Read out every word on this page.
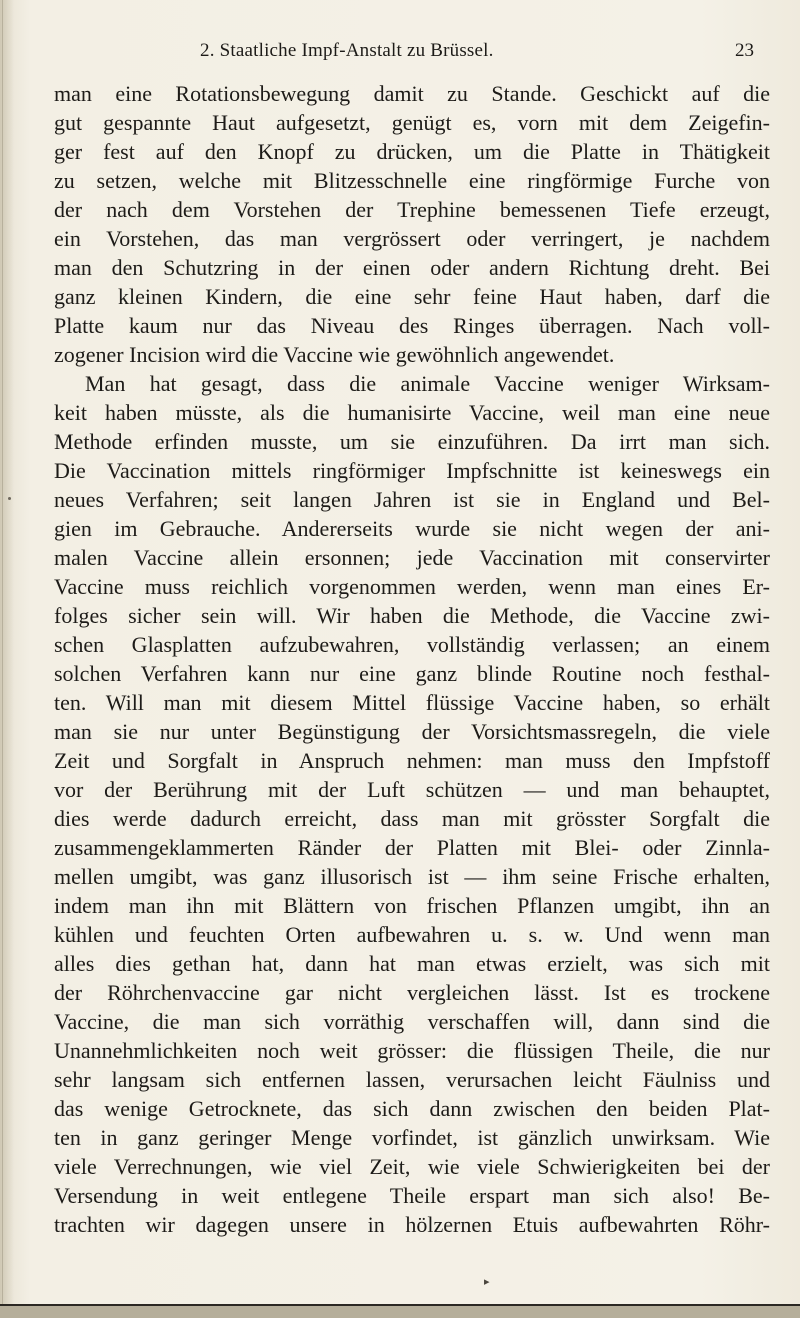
2. Staatliche Impf-Anstalt zu Brüssel.	23
man eine Rotationsbewegung damit zu Stande. Geschickt auf die
gut gespannte Haut aufgesetzt, genügt es, vorn mit dem Zeigefin-
ger fest auf den Knopf zu drücken, um die Platte in Thätigkeit
zu setzen, welche mit Blitzesschnelle eine ringförmige Furche von
der nach dem Vorstehen der Trephine bemessenen Tiefe erzeugt,
ein Vorstehen, das man vergrössert oder verringert, je nachdem
man den Schutzring in der einen oder andern Richtung dreht. Bei
ganz kleinen Kindern, die eine sehr feine Haut haben, darf die
Platte kaum nur das Niveau des Ringes überragen. Nach voll-
zogener Incision wird die Vaccine wie gewöhnlich angewendet.
Man hat gesagt, dass die animale Vaccine weniger Wirksam-
keit haben müsste, als die humanisirte Vaccine, weil man eine neue
Methode erfinden musste, um sie einzuführen. Da irrt man sich.
Die Vaccination mittels ringförmiger Impfschnitte ist keineswegs ein
neues Verfahren; seit langen Jahren ist sie in England und Bel-
gien im Gebrauche. Andererseits wurde sie nicht wegen der ani-
malen Vaccine allein ersonnen; jede Vaccination mit conservirter
Vaccine muss reichlich vorgenommen werden, wenn man eines Er-
folges sicher sein will. Wir haben die Methode, die Vaccine zwi-
schen Glasplatten aufzubewahren, vollständig verlassen; an einem
solchen Verfahren kann nur eine ganz blinde Routine noch festhal-
ten. Will man mit diesem Mittel flüssige Vaccine haben, so erhält
man sie nur unter Begünstigung der Vorsichtsmassregeln, die viele
Zeit und Sorgfalt in Anspruch nehmen: man muss den Impfstoff
vor der Berührung mit der Luft schützen — und man behauptet,
dies werde dadurch erreicht, dass man mit grösster Sorgfalt die
zusammengeklammerten Ränder der Platten mit Blei- oder Zinnla-
mellen umgibt, was ganz illusorisch ist — ihm seine Frische erhalten,
indem man ihn mit Blättern von frischen Pflanzen umgibt, ihn an
kühlen und feuchten Orten aufbewahren u. s. w. Und wenn man
alles dies gethan hat, dann hat man etwas erzielt, was sich mit
der Röhrchenvaccine gar nicht vergleichen lässt. Ist es trockene
Vaccine, die man sich vorräthig verschaffen will, dann sind die
Unannehmlichkeiten noch weit grösser: die flüssigen Theile, die nur
sehr langsam sich entfernen lassen, verursachen leicht Fäulniss und
das wenige Getrocknete, das sich dann zwischen den beiden Plat-
ten in ganz geringer Menge vorfindet, ist gänzlich unwirksam. Wie
viele Verrechnungen, wie viel Zeit, wie viele Schwierigkeiten bei der
Versendung in weit entlegene Theile erspart man sich also! Be-
trachten wir dagegen unsere in hölzernen Etuis aufbewahrten Röhr-
▸
